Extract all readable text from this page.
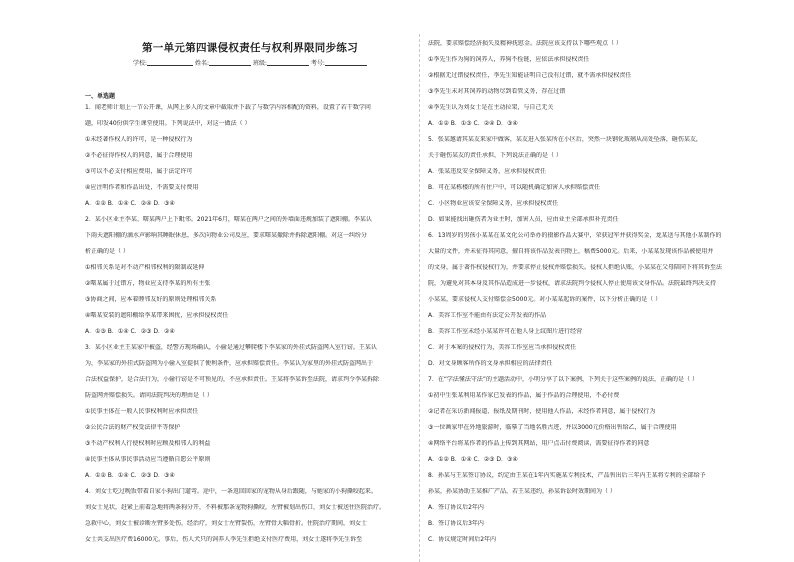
第一单元第四课侵权责任与权利界限同步练习
学校:	姓名:	班级:	考号:
一、单选题
1．闻老师计划上一节公开课，从网上多人的文章中截取并下载了与数学内容相配的资料，设置了若干数学问
题，印发40份供学生课堂使用。下列说法中，对这一做法（ ）
①未经著作权人的许可，是一种侵权行为
②不必征得作权人的同意，属于合理使用
③可以不必支付相应费用，属于法定许可
④应注明作者和作品出处，不需要支付费用
A．①② B．①④ C．②④ D．③④
2．某小区业主李某、曙某两户上下毗邻。2021年6月，曙某在两户之间的外墙面违规加装了遮阳棚。李某认
下雨天遮阳棚的滴水声影响其睡眠休息，多次向物业公司反应，要求曙某撤除并拆除遮阳棚。对这一纠纷分
析正确的是（ ）
①相邻关系是对不动产相邻权利的限制或延伸
②曙某属于过错方，物业应支持李某的所有主张
③协商之间，应本着睦邻友好的原则处理相邻关系
④曙某安装的遮阳棚给李某带来困扰，应承担侵权责任
A．①③ B．①④ C．②③ D．②④
3．某小区业主王某家中被盗，经警方现场确认，小偷是通过攀爬楼下李某家的外挂式防盗网入室行窃。王某认
为，李某家的外挂式防盗网为小偷入室提供了便利条件，应承担赔偿责任。李某认为家里的外挂式防盗网出于
合法权益保护，是合法行为，小偷行窃是不可预见的，不应承担责任。王某将李某诉至法院，请求判令李某拆除
防盗网并赔偿损失。请问法院判决的理由是（ ）
①民事主体在一般人民事权利时应承担责任
②公民合法的财产权受法律平等保护
③不动产权利人行使权利时应顾及相邻人的利益
④民事主体从事民事活动应当遵循自愿公平原则
A．①② B．①④ C．②③ D．③④
4．刘女士吃过晚饭带着自家小狗出门遛弯。途中，一条返回回家的宠物从身后跟随，与她家的小狗撕咬起来。
刘女士见状，赶紧上前着急地将两条狗分开，不料被那条宠物狗撕咬，左臂被划出伤口，刘女士被送往医院治疗。
急救中心，刘女士被诊断左臂多处伤，经治疗，刘女士左臂裂伤，左臂骨大幅骨折。住院治疗期间，刘女士
女士共支出医疗费16000元。事后，伤人犬只的饲养人李先生拒绝支付医疗费用，刘女士遂将李先生诉至
法院，要求赔偿经济损失及精神抚慰金。法院应该支持以下哪些观点（ ）
①李先生作为狗的饲养人，养狗不拴链，应依法承担侵权责任
②根据无过错侵权责任，李先生知能证明自己没有过错，就不需承担侵权责任
③李先生未对其饲养的动物尽到看管义务，存在过错
④李先生认为刘女士是在主动拉架，与自己无关
A．①② B．①③ C．②④ D．③④
5．张某邀请其某友来家中做客，某友进入张某所在小区后，突然一块钢化玻璃从高处坠落，砸伤某友，
关于砸伤某友的责任承担，下列说法正确的是（ ）
A．张某违反安全保障义务，应承担侵权责任
B．可在某栋楼的所有住户中，可以随机确定加害人承担赔偿责任
C．小区物业应该安全保障义务，应承担侵权责任
D．如果能找出砸伤者为业主时，加害人员，应由业主全部承担补充责任
6．13周岁的男孩小某某在某文化公司举办的摄影作品大赛中，荣获冠军并获得奖金，龙某送与其他小某制作的
大量的文件，并未征得其同意，擅自将该作品发表刊物上，稿费5000元。后来，小某某发现该作品被使用并
的文身，属于著作权侵权行为，并要求停止侵权并赔偿损失。侵权人拒绝认账，小某某在父母陪同下将其诉至法
院，为避免对其本身及其作品造成进一步侵权，请求法院判令侵权人停止使用该文身作品。法院最终判决支持
小某某，要求侵权人支付赔偿金5000元。对小某某起诉的案件，以下分析正确的是（ ）
A．美容工作室不能由有法定公开发表的作品
B．美容工作室未经小某某许可在他人身上纹图片进行经营
C．对于本案的侵权行为，美容工作室应当承担侵权责任
D．对文身顾客所作的文身承担相应的法律责任
7．在“学法懂法守法”的主题活动中，小明分享了以下案例，下列关于这些案例的说法，正确的是（ ）
①初中生张某利用某作家已发表的作品，属于作品的合理使用，不必付费
②记者在采访新闻报道、报纸及期刊时，使用他人作品，未经作者同意，属于侵权行为
③一位画家甲在外地旅游时，临摹了当地名胜古迹，并以3000元价格出售给乙，属于合理使用
④网络平台将某作者的作品上传到其网站，用户点击付费阅读，需要征得作者的同意
A．①② B．①④ C．②③ D．③④
8．孙某与王某签订协议，约定由王某在1年内实施某专利技术，产品售出后三年内王某将专利的全部给予
孙某，孙某协助王某推广产品，若王某违约，孙某诉讼时效期间为（ ）
A．签订协议后2年内
B．签订协议后3年内
C．协议规定时间后2年内
